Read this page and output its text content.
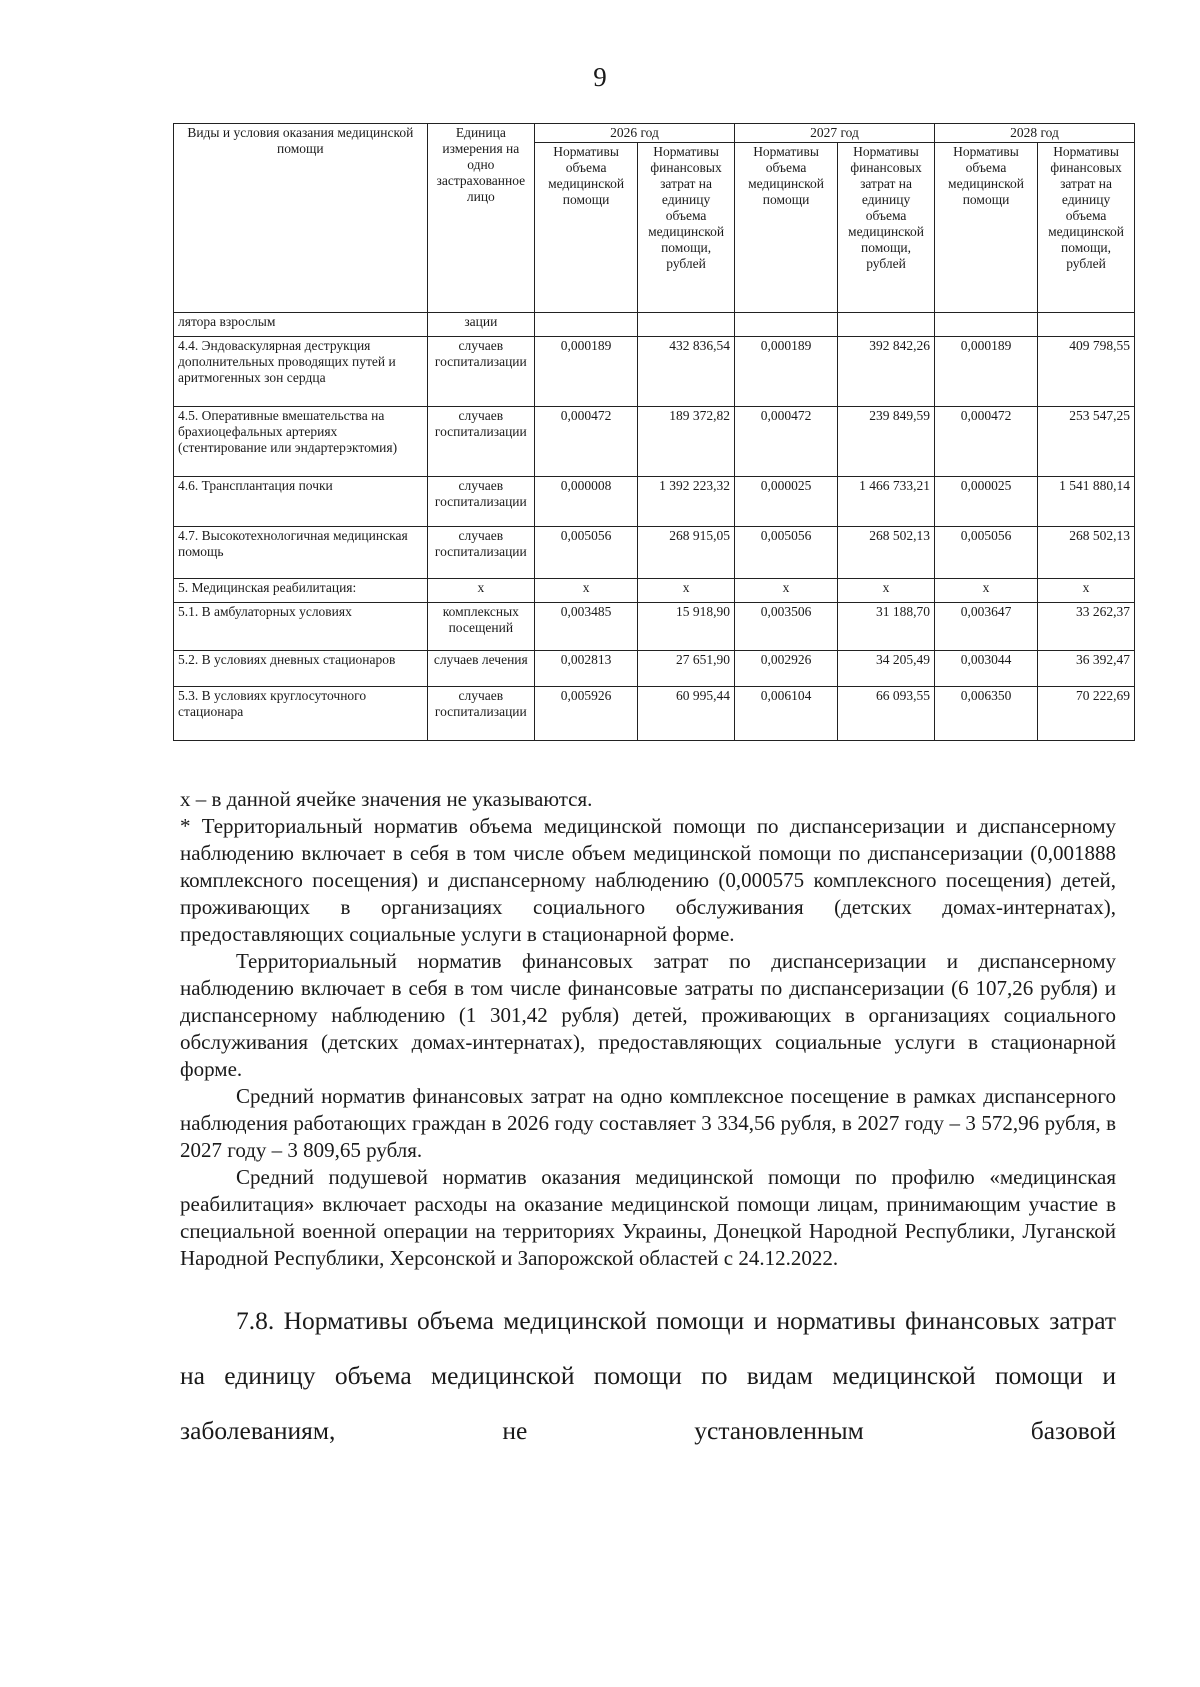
9
Виды и условия оказания медицинской помощи	Единица измерения на одно застрахованное лицо	2026 год		2027 год		2028 год	
		Нормативы объема медицинской помощи	Нормативы финансовых затрат на единицу объема медицинской помощи, рублей	Нормативы объема медицинской помощи	Нормативы финансовых затрат на единицу объема медицинской помощи, рублей	Нормативы объема медицинской помощи	Нормативы финансовых затрат на единицу объема медицинской помощи, рублей
лятора взрослым	зации						
4.4. Эндоваскулярная деструкция дополнительных проводящих путей и аритмогенных зон сердца	случаев госпитализации	0,000189	432 836,54	0,000189	392 842,26	0,000189	409 798,55
4.5. Оперативные вмешательства на брахиоцефальных артериях (стентирование или эндартерэктомия)	случаев госпитализации	0,000472	189 372,82	0,000472	239 849,59	0,000472	253 547,25
4.6. Трансплантация почки	случаев госпитализации	0,000008	1 392 223,32	0,000025	1 466 733,21	0,000025	1 541 880,14
4.7. Высокотехнологичная медицинская помощь	случаев госпитализации	0,005056	268 915,05	0,005056	268 502,13	0,005056	268 502,13
5. Медицинская реабилитация:	х	х	х	х	х	х	х
5.1. В амбулаторных условиях	комплексных посещений	0,003485	15 918,90	0,003506	31 188,70	0,003647	33 262,37
5.2. В условиях дневных стационаров	случаев лечения	0,002813	27 651,90	0,002926	34 205,49	0,003044	36 392,47
5.3. В условиях круглосуточного стационара	случаев госпитализации	0,005926	60 995,44	0,006104	66 093,55	0,006350	70 222,69

х – в данной ячейке значения не указываются.

* Территориальный норматив объема медицинской помощи по диспансеризации и диспансерному наблюдению включает в себя в том числе объем медицинской помощи по диспансеризации (0,001888 комплексного посещения) и диспансерному наблюдению (0,000575 комплексного посещения) детей, проживающих в организациях социального обслуживания (детских домах-интернатах), предоставляющих социальные услуги в стационарной форме.

Территориальный норматив финансовых затрат по диспансеризации и диспансерному наблюдению включает в себя в том числе финансовые затраты по диспансеризации (6 107,26 рубля) и диспансерному наблюдению (1 301,42 рубля) детей, проживающих в организациях социального обслуживания (детских домах-интернатах), предоставляющих социальные услуги в стационарной форме.

Средний норматив финансовых затрат на одно комплексное посещение в рамках диспансерного наблюдения работающих граждан в 2026 году составляет 3 334,56 рубля, в 2027 году – 3 572,96 рубля, в 2027 году – 3 809,65 рубля.

Средний подушевой норматив оказания медицинской помощи по профилю «медицинская реабилитация» включает расходы на оказание медицинской помощи лицам, принимающим участие в специальной военной операции на территориях Украины, Донецкой Народной Республики, Луганской Народной Республики, Херсонской и Запорожской областей с 24.12.2022.

7.8. Нормативы объема медицинской помощи и нормативы финансовых затрат на единицу объема медицинской помощи по видам медицинской помощи и заболеваниям, не установленным базовой
